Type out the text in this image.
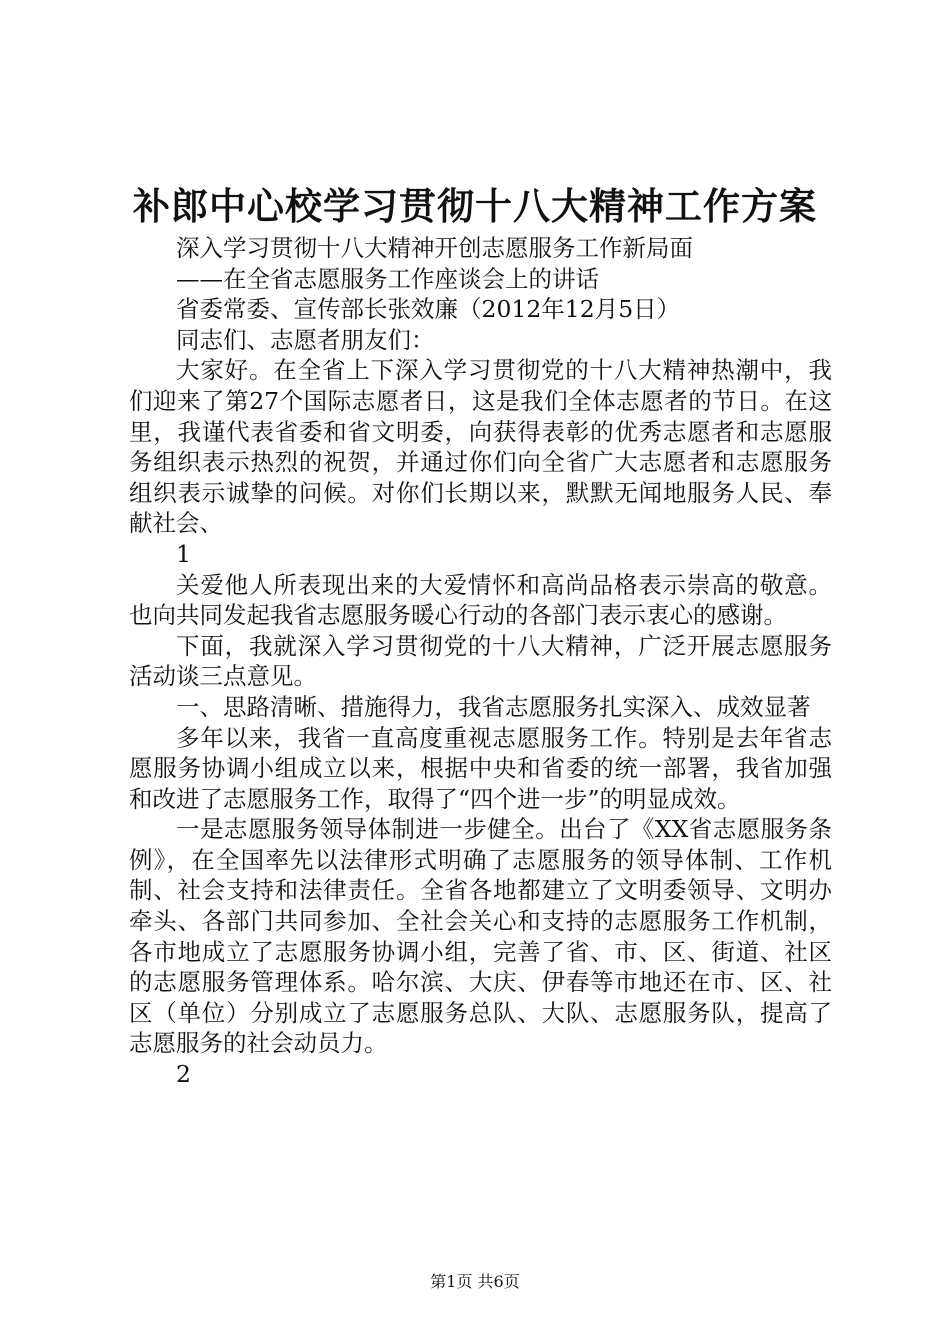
补郎中心校学习贯彻十八大精神工作方案

深入学习贯彻十八大精神开创志愿服务工作新局面

——在全省志愿服务工作座谈会上的讲话

省委常委、宣传部长张效廉（2012年12月5日）

同志们、志愿者朋友们：

大家好。在全省上下深入学习贯彻党的十八大精神热潮中，我们迎来了第27个国际志愿者日，这是我们全体志愿者的节日。在这里，我谨代表省委和省文明委，向获得表彰的优秀志愿者和志愿服务组织表示热烈的祝贺，并通过你们向全省广大志愿者和志愿服务组织表示诚挚的问候。对你们长期以来，默默无闻地服务人民、奉献社会、

1

关爱他人所表现出来的大爱情怀和高尚品格表示崇高的敬意。也向共同发起我省志愿服务暖心行动的各部门表示衷心的感谢。

下面，我就深入学习贯彻党的十八大精神，广泛开展志愿服务活动谈三点意见。

一、思路清晰、措施得力，我省志愿服务扎实深入、成效显著

多年以来，我省一直高度重视志愿服务工作。特别是去年省志愿服务协调小组成立以来，根据中央和省委的统一部署，我省加强和改进了志愿服务工作，取得了“四个进一步”的明显成效。

一是志愿服务领导体制进一步健全。出台了《XX省志愿服务条例》，在全国率先以法律形式明确了志愿服务的领导体制、工作机制、社会支持和法律责任。全省各地都建立了文明委领导、文明办牵头、各部门共同参加、全社会关心和支持的志愿服务工作机制，各市地成立了志愿服务协调小组，完善了省、市、区、街道、社区的志愿服务管理体系。哈尔滨、大庆、伊春等市地还在市、区、社区（单位）分别成立了志愿服务总队、大队、志愿服务队，提高了志愿服务的社会动员力。

2

第1页 共6页
